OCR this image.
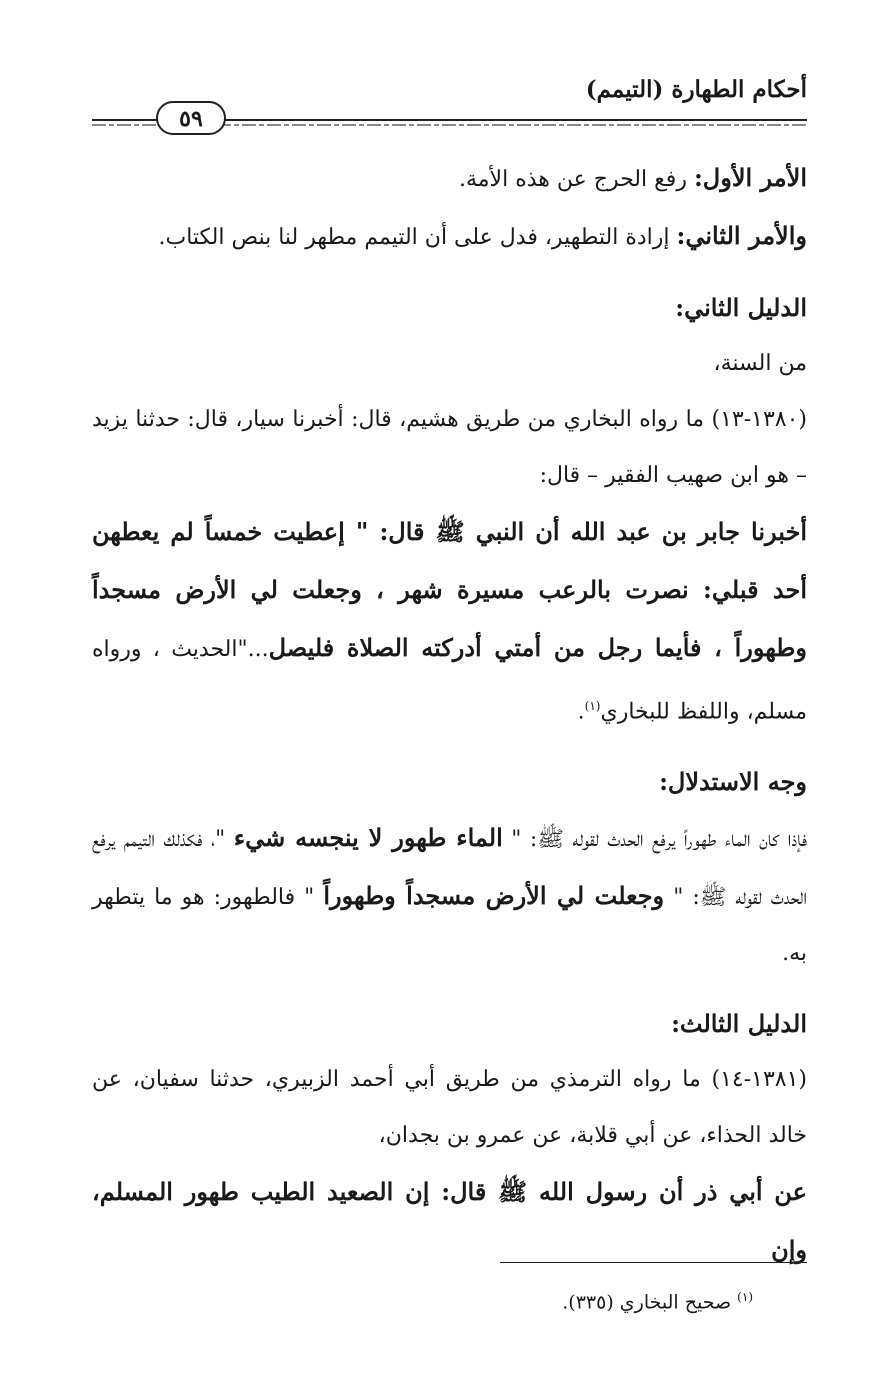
أحكام الطهارة (التيمم)
٥٩

الأمر الأول: رفع الحرج عن هذه الأمة.

والأمر الثاني: إرادة التطهير، فدل على أن التيمم مطهر لنا بنص الكتاب.

الدليل الثاني:

من السنة،

(١٣٨٠-١٣) ما رواه البخاري من طريق هشيم، قال: أخبرنا سيار، قال: حدثنا يزيد – هو ابن صهيب الفقير – قال:

أخبرنا جابر بن عبد الله أن النبي ﷺ قال: " إعطيت خمساً لم يعطهن أحد قبلي: نصرت بالرعب مسيرة شهر ، وجعلت لي الأرض مسجداً وطهوراً ، فأيما رجل من أمتي أدركته الصلاة فليصل..."الحديث ، ورواه مسلم، واللفظ للبخاري$^{(١)}$.

وجه الاستدلال:

فإذا كان الماء طهوراً يرفع الحدث لقوله ﷺ: " الماء طهور لا ينجسه شيء "، فكذلك التيمم يرفع الحدث لقوله ﷺ: " وجعلت لي الأرض مسجداً وطهوراً " فالطهور: هو ما يتطهر به.

الدليل الثالث:

(١٣٨١-١٤) ما رواه الترمذي من طريق أبي أحمد الزبيري، حدثنا سفيان، عن خالد الحذاء، عن أبي قلابة، عن عمرو بن بجدان،

عن أبي ذر أن رسول الله ﷺ قال: إن الصعيد الطيب طهور المسلم، وإن

$^{(١)}$ صحيح البخاري (٣٣٥).
